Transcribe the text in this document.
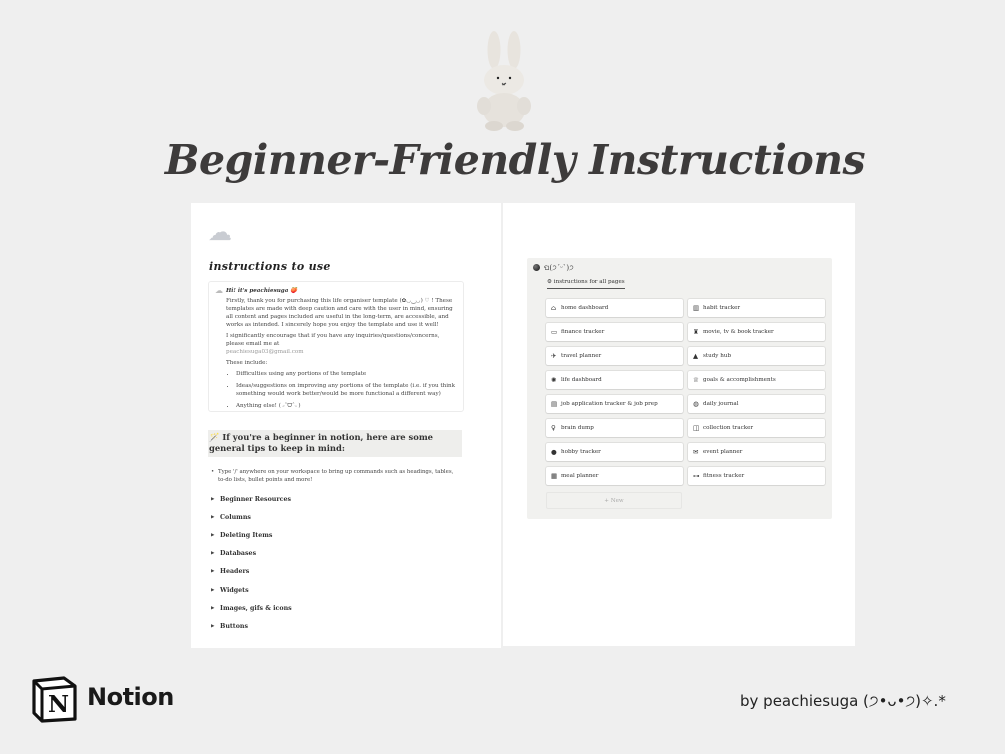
Beginner-Friendly Instructions
☁
instructions to use
☁ Hi! it's peachiesuga 🍑

Firstly, thank you for purchasing this life organiser template (✿◡‿◡) ♡ ! These templates are made with deep caution and care with the user in mind, ensuring all content and pages included are useful in the long-term, are accessible, and works as intended. I sincerely hope you enjoy the template and use it well!

I significantly encourage that if you have any inquiries/questions/concerns, please email me at
peachiesuga03@gmail.com

These include:

• Difficulties using any portions of the template
• Ideas/suggestions on improving any portions of the template (i.e. if you think something would work better/would be more functional a different way)
• Anything else! ( ˶ˆᗜˆ˵ )
🪄 If you're a beginner in notion, here are some general tips to keep in mind:
• Type '/' anywhere on your workspace to bring up commands such as headings, tables, to-do lists, bullet points and more!
▶ Beginner Resources
▶ Columns
▶ Deleting Items
▶ Databases
▶ Headers
▶ Widgets
▶ Images, gifs & icons
▶ Buttons
ଘ(੭ˊᵕˋ)੭
⚙ instructions for all pages
⌂ home dashboard	▥ habit tracker
▭ finance tracker	♜ movie, tv & book tracker
✈ travel planner	▲ study hub
✺ life dashboard	♕ goals & accomplishments
▤ job application tracker & job prep	◍ daily journal
♀ brain dump	◫ collection tracker
● hobby tracker	✉ event planner
▦ meal planner	⊶ fitness tracker
+ New
N Notion	by peachiesuga (੭•ᴗ•੭)✧.*
